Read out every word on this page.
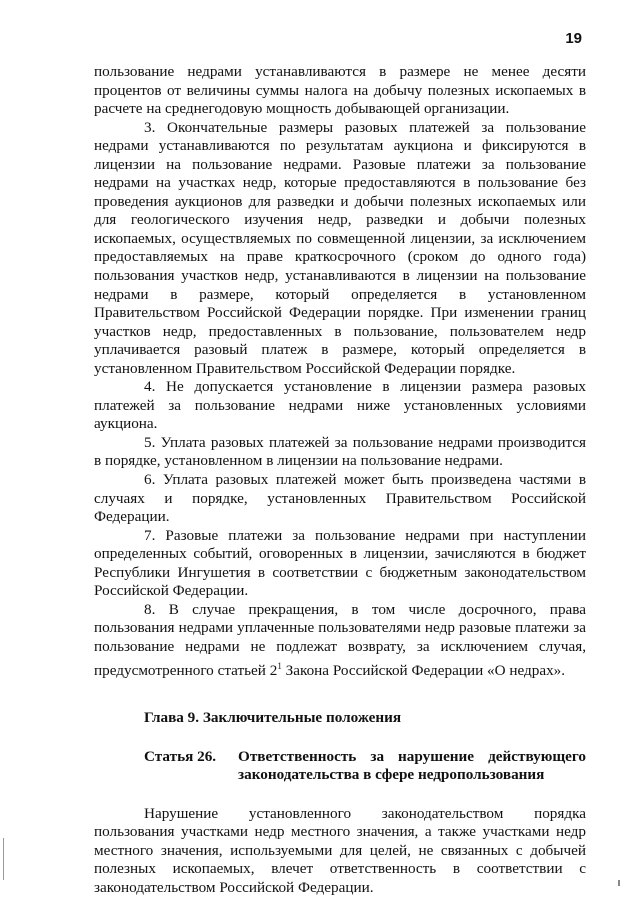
19

пользование недрами устанавливаются в размере не менее десяти процентов от величины суммы налога на добычу полезных ископаемых в расчете на среднегодовую мощность добывающей организации.

3. Окончательные размеры разовых платежей за пользование недрами устанавливаются по результатам аукциона и фиксируются в лицензии на пользование недрами. Разовые платежи за пользование недрами на участках недр, которые предоставляются в пользование без проведения аукционов для разведки и добычи полезных ископаемых или для геологического изучения недр, разведки и добычи полезных ископаемых, осуществляемых по совмещенной лицензии, за исключением предоставляемых на праве краткосрочного (сроком до одного года) пользования участков недр, устанавливаются в лицензии на пользование недрами в размере, который определяется в установленном Правительством Российской Федерации порядке. При изменении границ участков недр, предоставленных в пользование, пользователем недр уплачивается разовый платеж в размере, который определяется в установленном Правительством Российской Федерации порядке.

4. Не допускается установление в лицензии размера разовых платежей за пользование недрами ниже установленных условиями аукциона.

5. Уплата разовых платежей за пользование недрами производится в порядке, установленном в лицензии на пользование недрами.

6. Уплата разовых платежей может быть произведена частями в случаях и порядке, установленных Правительством Российской Федерации.

7. Разовые платежи за пользование недрами при наступлении определенных событий, оговоренных в лицензии, зачисляются в бюджет Республики Ингушетия в соответствии с бюджетным законодательством Российской Федерации.

8. В случае прекращения, в том числе досрочного, права пользования недрами уплаченные пользователями недр разовые платежи за пользование недрами не подлежат возврату, за исключением случая, предусмотренного статьей $2^1$ Закона Российской Федерации «О недрах».

Глава 9. Заключительные положения

Статья 26.	Ответственность за нарушение действующего законодательства в сфере недропользования

Нарушение установленного законодательством порядка пользования участками недр местного значения, а также участками недр местного значения, используемыми для целей, не связанных с добычей полезных ископаемых, влечет ответственность в соответствии с законодательством Российской Федерации.
